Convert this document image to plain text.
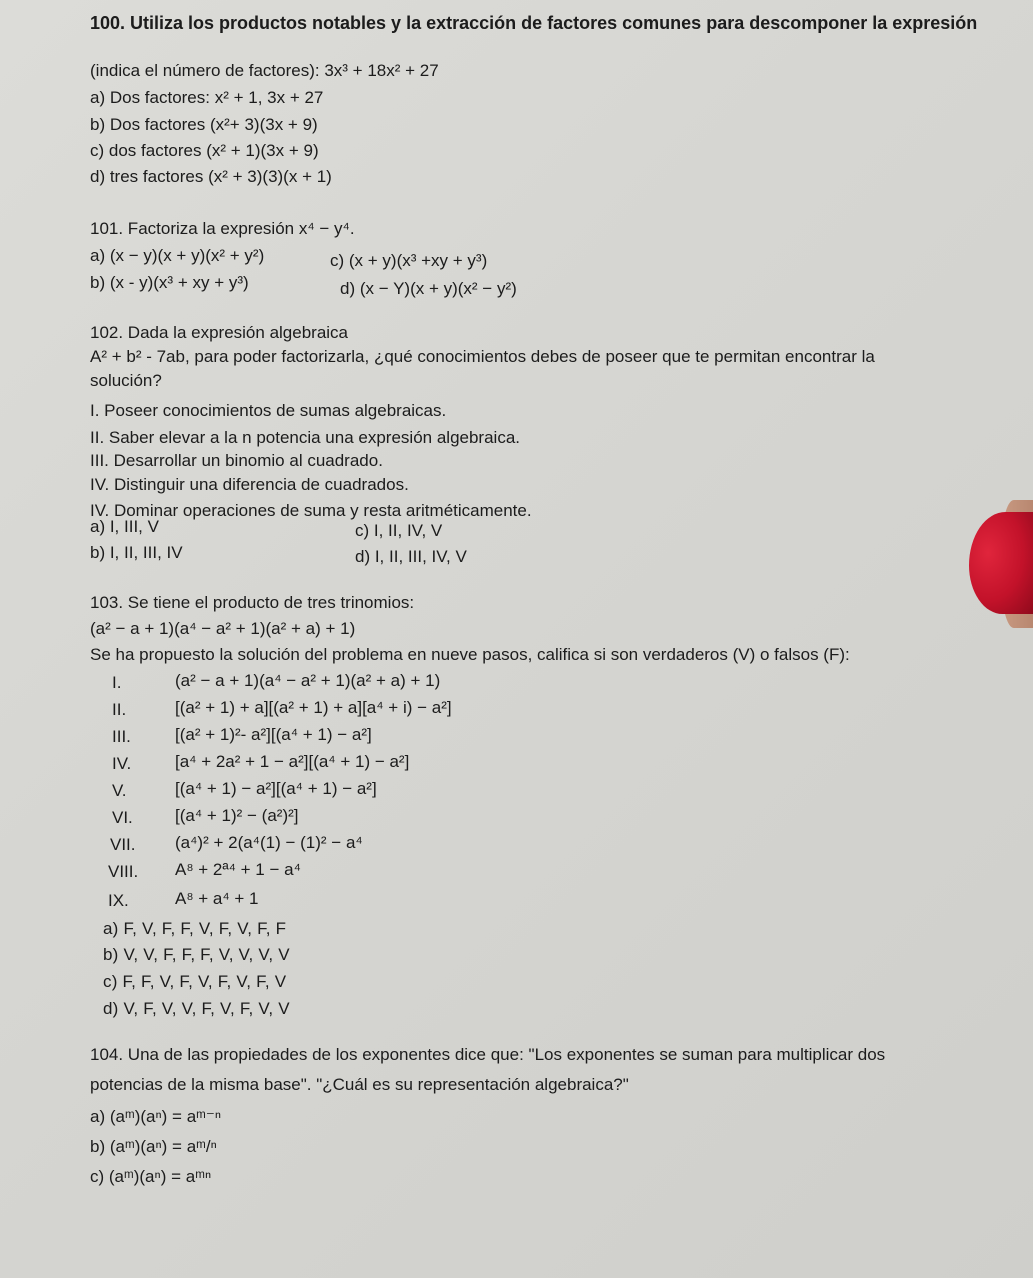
100. Utiliza los productos notables y la extracción de factores comunes para descomponer la expresión
(indica el número de factores): 3x³ + 18x² + 27
a) Dos factores: x² + 1, 3x + 27
b) Dos factores (x²+ 3)(3x + 9)
c) dos factores (x² + 1)(3x + 9)
d) tres factores (x² + 3)(3)(x + 1)
101. Factoriza la expresión x⁴ − y⁴.
a) (x − y)(x + y)(x² + y²)
b) (x - y)(x³ + xy + y³)
c) (x + y)(x³ +xy + y³)
d) (x − Y)(x + y)(x² − y²)
102. Dada la expresión algebraica
A² + b² - 7ab, para poder factorizarla, ¿qué conocimientos debes de poseer que te permitan encontrar la
solución?
I. Poseer conocimientos de sumas algebraicas.
II. Saber elevar a la n potencia una expresión algebraica.
III. Desarrollar un binomio al cuadrado.
IV. Distinguir una diferencia de cuadrados.
IV. Dominar operaciones de suma y resta aritméticamente.
a) I, III, V
b) I, II, III, IV
c) I, II, IV, V
d) I, II, III, IV, V
103. Se tiene el producto de tres trinomios:
(a² − a + 1)(a⁴ − a² + 1)(a² + a) + 1)
Se ha propuesto la solución del problema en nueve pasos, califica si son verdaderos (V) o falsos (F):
I.	(a² − a + 1)(a⁴ − a² + 1)(a² + a) + 1)
II.	[(a² + 1) + a][(a² + 1) + a][a⁴ + i) − a²]
III.	[(a² + 1)²- a²][(a⁴ + 1) − a²]
IV.	[a⁴ + 2a² + 1 − a²][(a⁴ + 1) − a²]
V.	[(a⁴ + 1) − a²][(a⁴ + 1) − a²]
VI. [(a⁴ + 1)² − (a²)²]
VII. (a⁴)² + 2(a⁴(1) − (1)² − a⁴
VIII. A⁸ + 2ª⁴ + 1 − a⁴
IX.	A⁸ + a⁴ + 1
a) F, V, F, F, V, F, V, F, F
b) V, V, F, F, F, V, V, V, V
c) F, F, V, F, V, F, V, F, V
d) V, F, V, V, F, V, F, V, V
104. Una de las propiedades de los exponentes dice que: "Los exponentes se suman para multiplicar dos
potencias de la misma base". "¿Cuál es su representación algebraica?"
a) (aᵐ)(aⁿ) = aᵐ⁻ⁿ
b) (aᵐ)(aⁿ) = aᵐ/ⁿ
c) (aᵐ)(aⁿ) = aᵐⁿ
